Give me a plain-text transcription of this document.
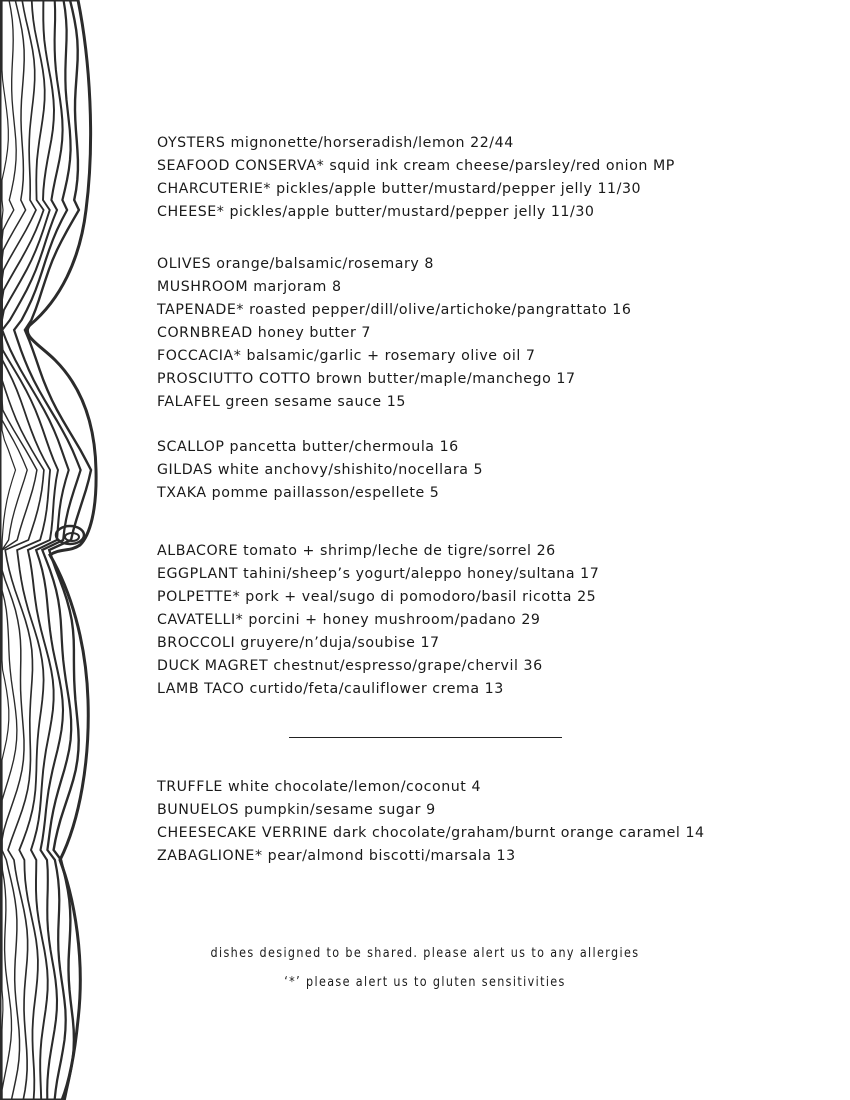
OYSTERS mignonette/horseradish/lemon 22/44

SEAFOOD CONSERVA* squid ink cream cheese/parsley/red onion MP

CHARCUTERIE* pickles/apple butter/mustard/pepper jelly 11/30

CHEESE* pickles/apple butter/mustard/pepper jelly 11/30

OLIVES orange/balsamic/rosemary 8

MUSHROOM marjoram 8

TAPENADE* roasted pepper/dill/olive/artichoke/pangrattato 16

CORNBREAD honey butter 7

FOCCACIA* balsamic/garlic + rosemary olive oil 7

PROSCIUTTO COTTO brown butter/maple/manchego 17

FALAFEL green sesame sauce 15

SCALLOP pancetta butter/chermoula 16

GILDAS white anchovy/shishito/nocellara 5

TXAKA pomme paillasson/espellete 5

ALBACORE tomato + shrimp/leche de tigre/sorrel 26

EGGPLANT tahini/sheep’s yogurt/aleppo honey/sultana 17

POLPETTE* pork + veal/sugo di pomodoro/basil ricotta 25

CAVATELLI* porcini + honey mushroom/padano 29

BROCCOLI gruyere/n’duja/soubise 17

DUCK MAGRET chestnut/espresso/grape/chervil 36

LAMB TACO curtido/feta/cauliflower crema 13

TRUFFLE white chocolate/lemon/coconut 4

BUNUELOS pumpkin/sesame sugar 9

CHEESECAKE VERRINE dark chocolate/graham/burnt orange caramel 14

ZABAGLIONE* pear/almond biscotti/marsala 13

dishes designed to be shared. please alert us to any allergies
‘*’ please alert us to gluten sensitivities
